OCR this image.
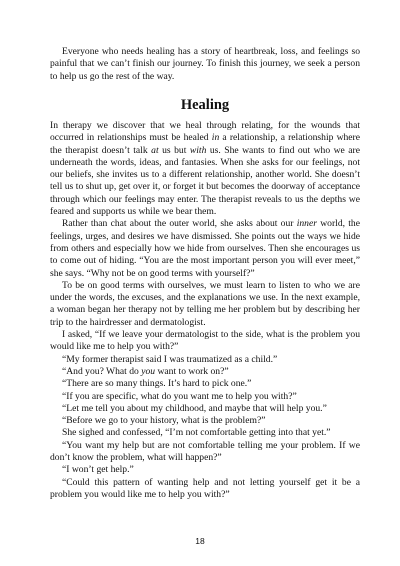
Everyone who needs healing has a story of heartbreak, loss, and feelings so painful that we can’t finish our journey. To finish this journey, we seek a person to help us go the rest of the way.

Healing

In therapy we discover that we heal through relating, for the wounds that occurred in relationships must be healed in a relationship, a relationship where the therapist doesn’t talk at us but with us. She wants to find out who we are underneath the words, ideas, and fantasies. When she asks for our feelings, not our beliefs, she invites us to a different relationship, another world. She doesn’t tell us to shut up, get over it, or forget it but becomes the doorway of acceptance through which our feelings may enter. The therapist reveals to us the depths we feared and supports us while we bear them.

Rather than chat about the outer world, she asks about our inner world, the feelings, urges, and desires we have dismissed. She points out the ways we hide from others and especially how we hide from ourselves. Then she encourages us to come out of hiding. “You are the most important person you will ever meet,” she says. “Why not be on good terms with yourself?”

To be on good terms with ourselves, we must learn to listen to who we are under the words, the excuses, and the explanations we use. In the next example, a woman began her therapy not by telling me her problem but by describing her trip to the hairdresser and dermatologist.

I asked, “If we leave your dermatologist to the side, what is the problem you would like me to help you with?”

“My former therapist said I was traumatized as a child.”

“And you? What do you want to work on?”

“There are so many things. It’s hard to pick one.”

“If you are specific, what do you want me to help you with?”

“Let me tell you about my childhood, and maybe that will help you.”

“Before we go to your history, what is the problem?”

She sighed and confessed, “I’m not comfortable getting into that yet.”

“You want my help but are not comfortable telling me your problem. If we don’t know the problem, what will happen?”

“I won’t get help.”

“Could this pattern of wanting help and not letting yourself get it be a problem you would like me to help you with?”

18
